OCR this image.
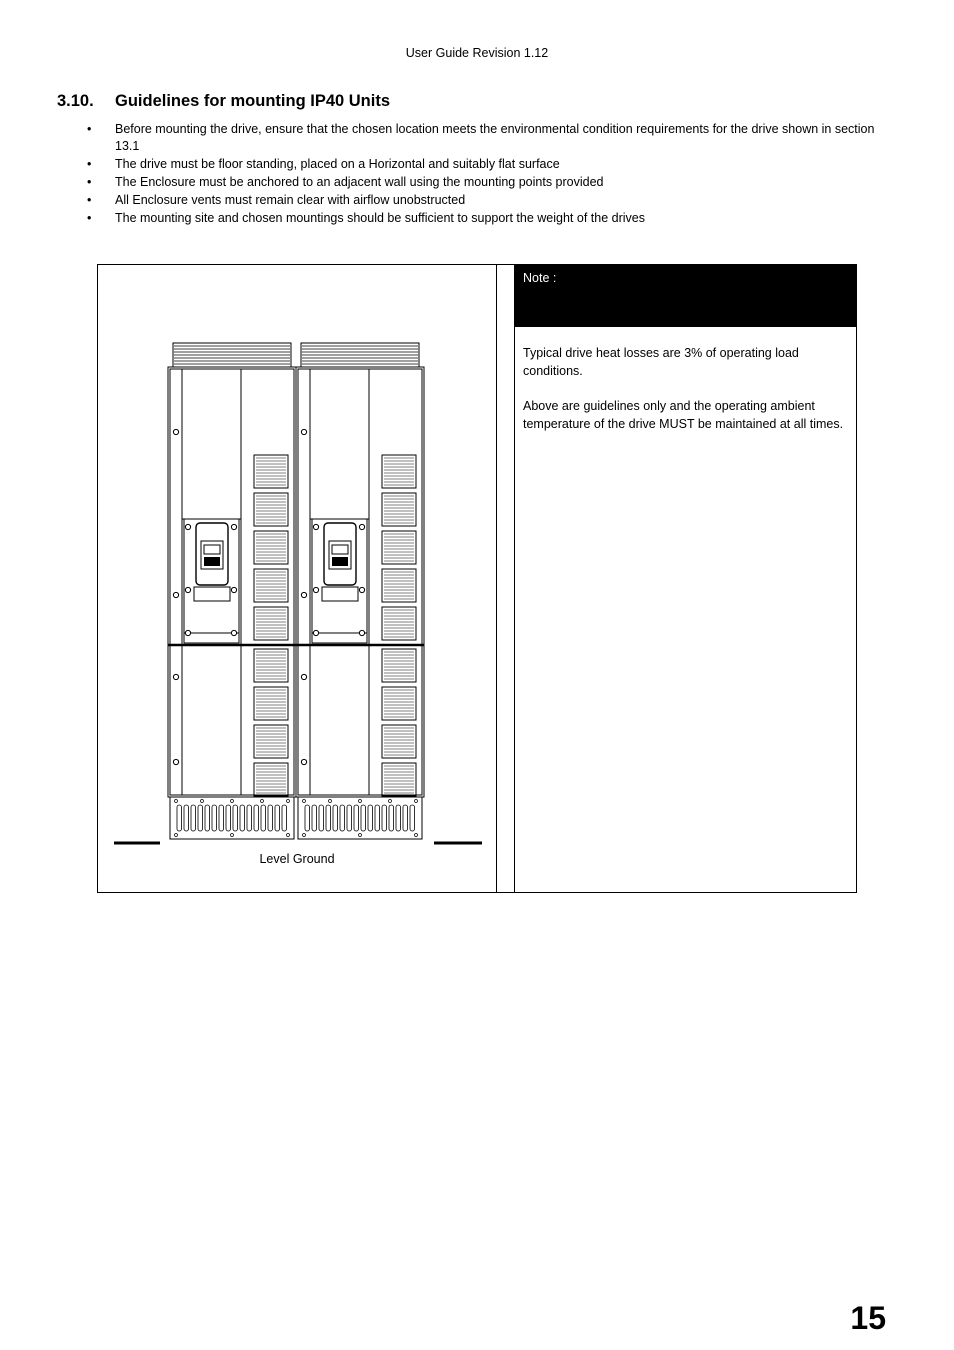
User Guide Revision 1.12
3.10. Guidelines for mounting IP40 Units
• Before mounting the drive, ensure that the chosen location meets the environmental condition requirements for the drive shown in section 13.1
• The drive must be floor standing, placed on a Horizontal and suitably flat surface
• The Enclosure must be anchored to an adjacent wall using the mounting points provided
• All Enclosure vents must remain clear with airflow unobstructed
• The mounting site and chosen mountings should be sufficient to support the weight of the drives
Level Ground
Note :

Typical drive heat losses are 3% of operating load conditions.

Above are guidelines only and the operating ambient temperature of the drive MUST be maintained at all times.

15
